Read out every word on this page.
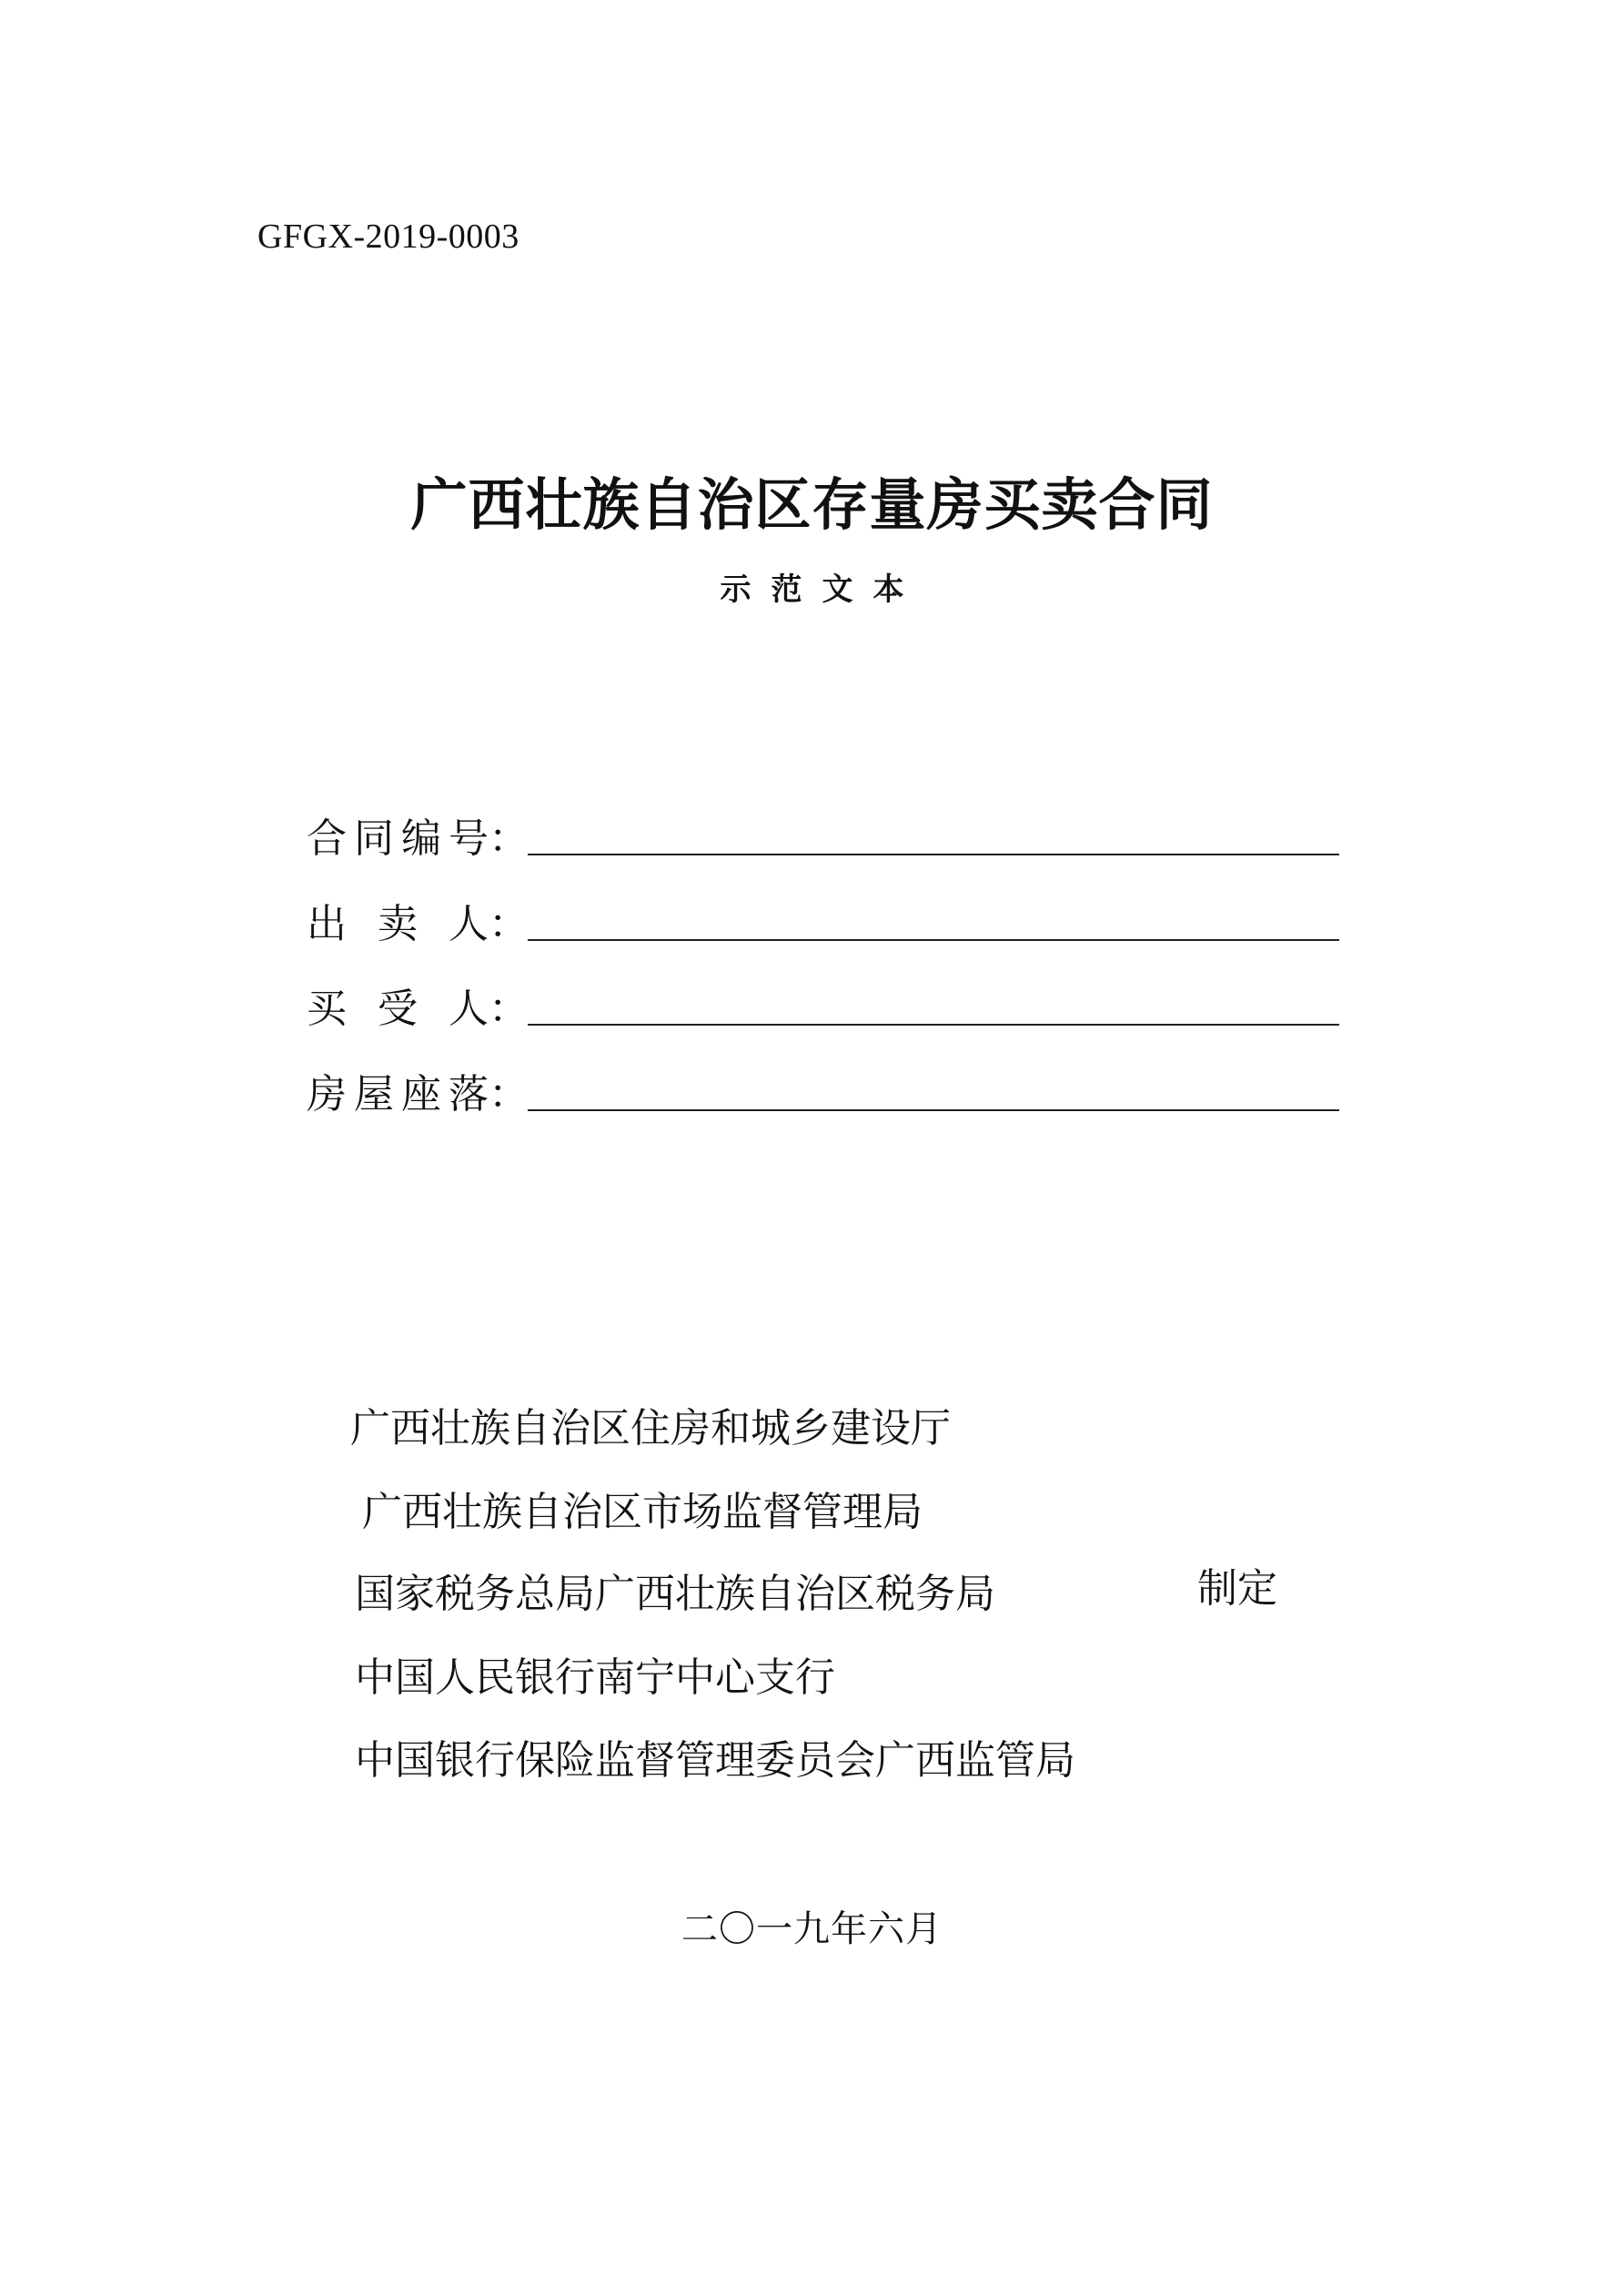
GFGX-2019-0003
广西壮族自治区存量房买卖合同
示范文本
合同编号：
出卖人：
买受人：
房屋座落：
广西壮族自治区住房和城乡建设厅
广西壮族自治区市场监督管理局
国家税务总局广西壮族自治区税务局
中国人民银行南宁中心支行
中国银行保险监督管理委员会广西监管局
制定
二〇一九年六月
